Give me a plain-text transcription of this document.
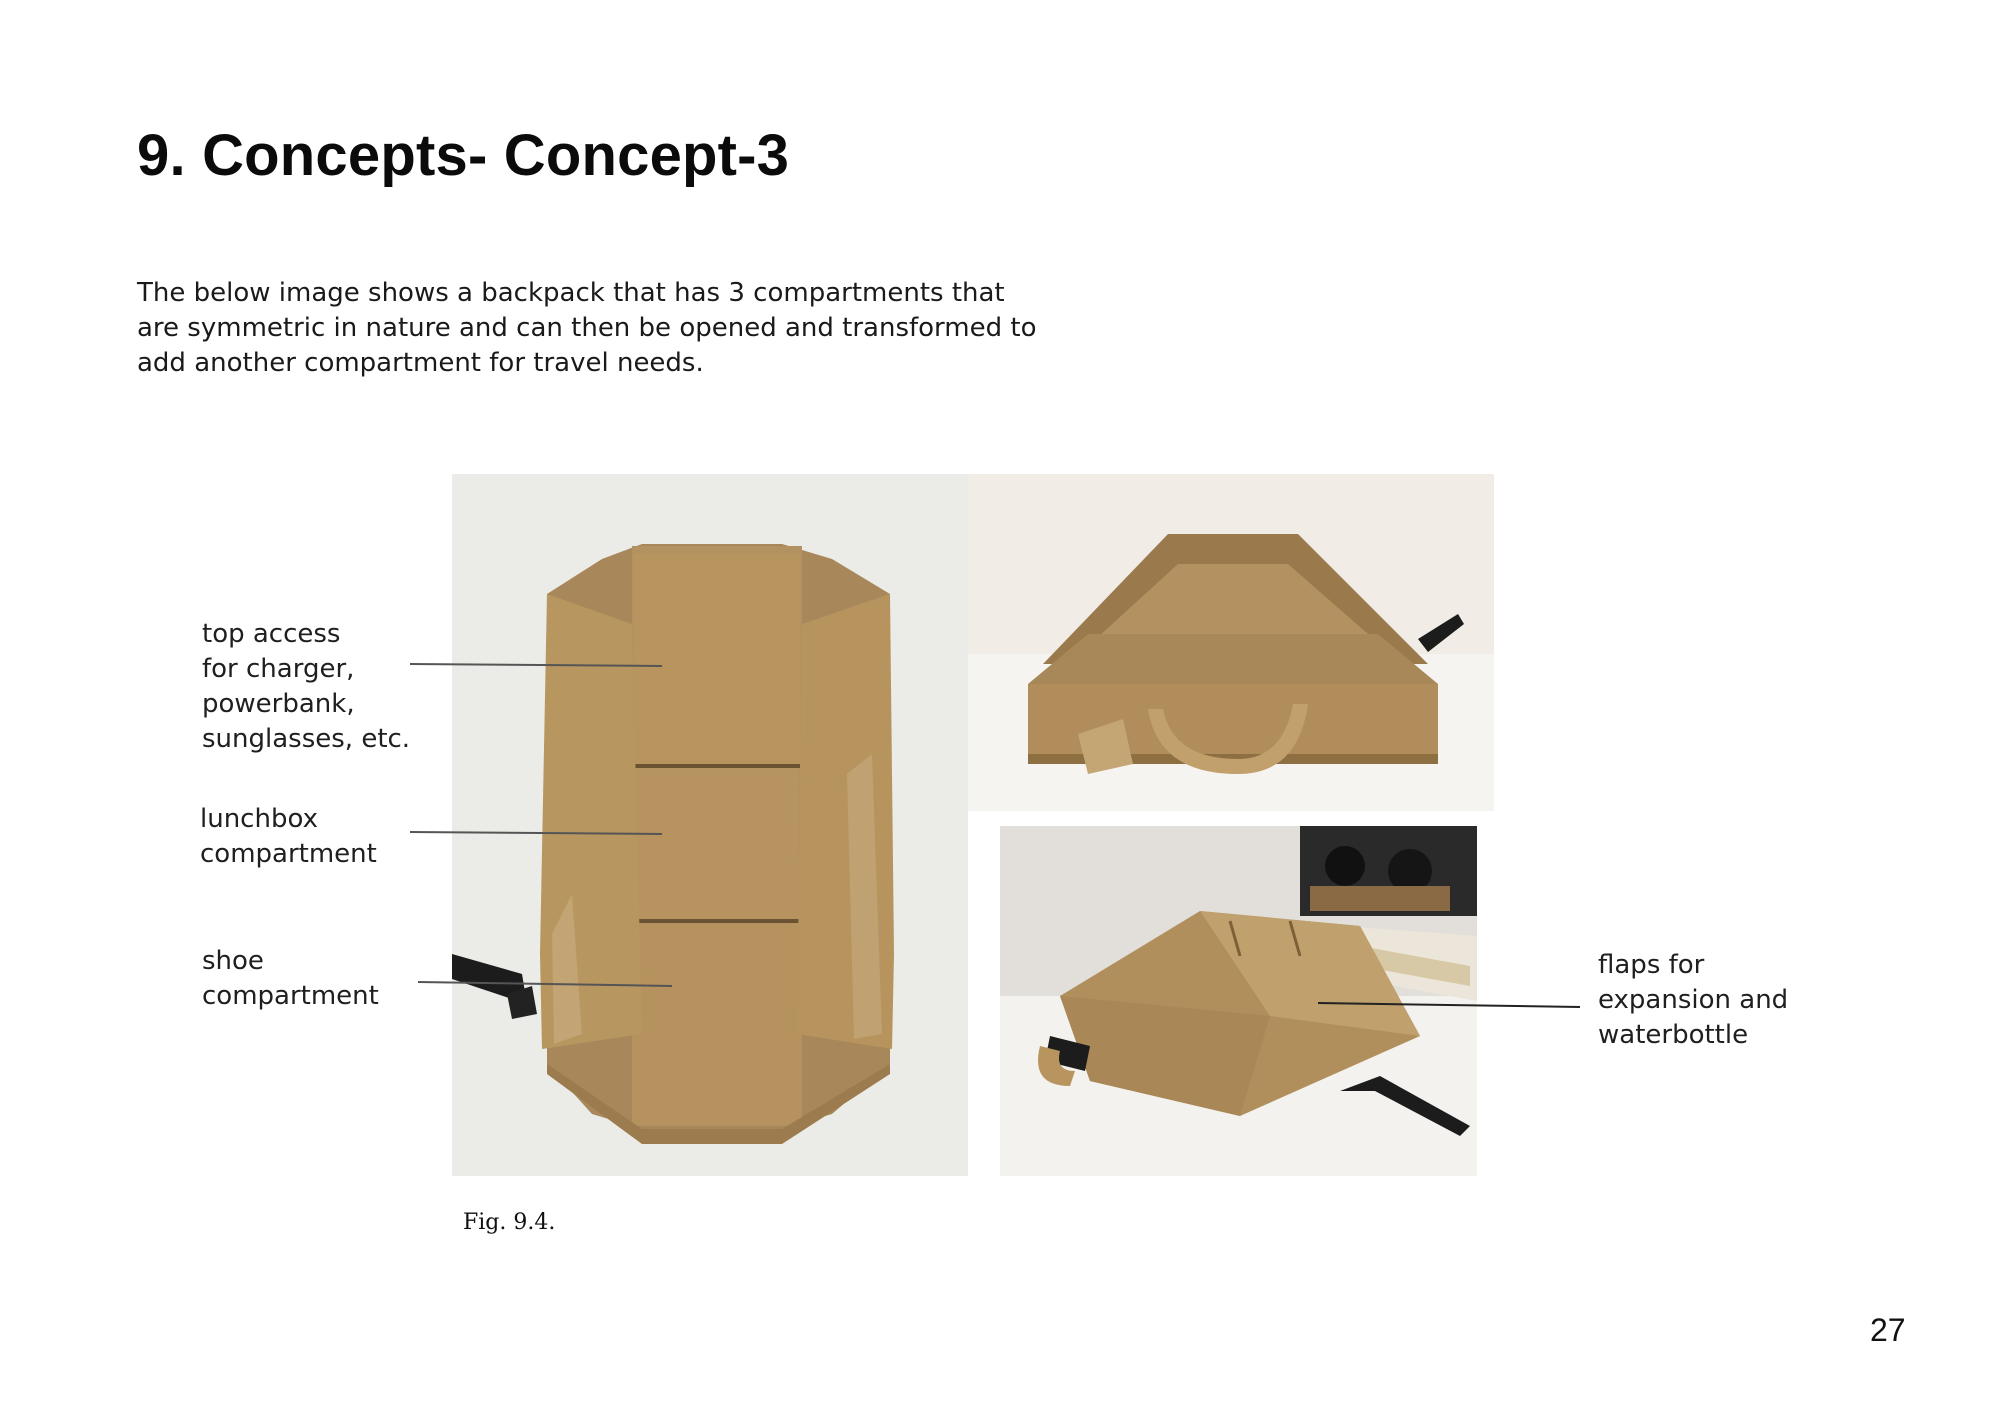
9. Concepts- Concept-3

The below image shows a backpack that has 3 compartments that are symmetric in nature and can then be opened and transformed to add another compartment for travel needs.

top access
for charger,
powerbank,
sunglasses, etc.

lunchbox
compartment

shoe
compartment

flaps for
expansion and
waterbottle

Fig. 9.4.

27
